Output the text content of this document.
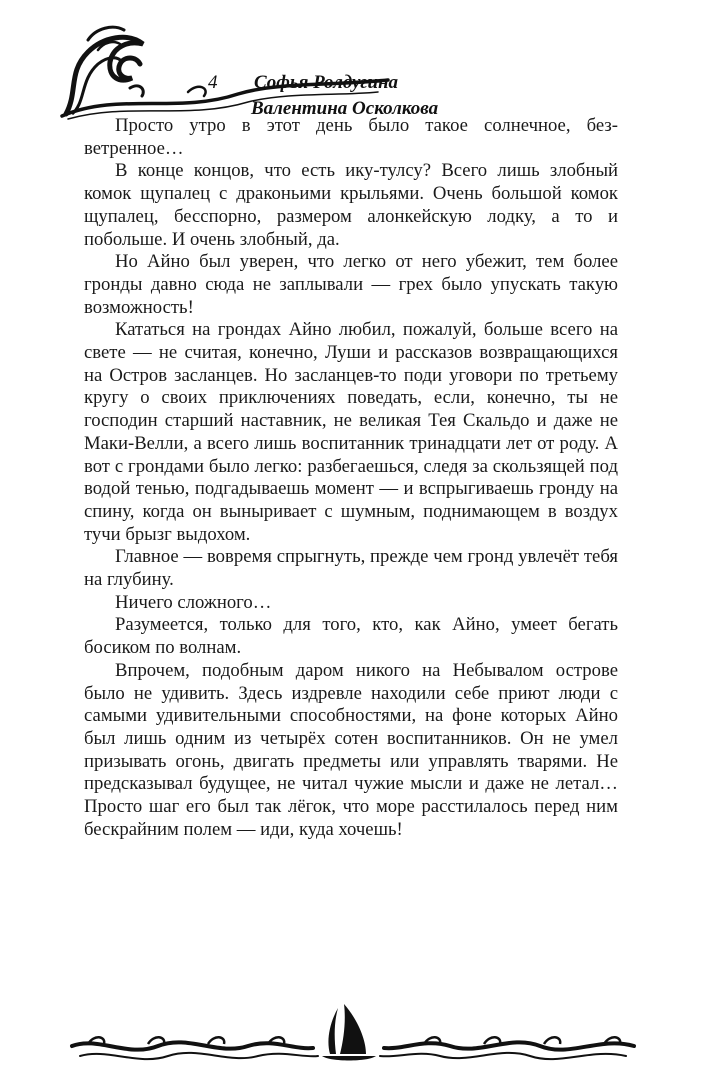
4 Софья Ролдугина
Валентина Осколкова

Просто утро в этот день было такое солнечное, безветренное…

В конце концов, что есть ику-тулсу? Всего лишь злобный комок щупалец с драконьими крыльями. Очень большой комок щупалец, бесспорно, размером алонкейскую лодку, а то и побольше. И очень злобный, да.

Но Айно был уверен, что легко от него убежит, тем более гронды давно сюда не заплывали — грех было упускать такую возможность!

Кататься на грондах Айно любил, пожалуй, больше всего на свете — не считая, конечно, Луши и рассказов возвращающихся на Остров засланцев. Но засланцев-то поди уговори по третьему кругу о своих приключениях поведать, если, конечно, ты не господин старший наставник, не великая Тея Скальдо и даже не Маки-Велли, а всего лишь воспитанник тринадцати лет от роду. А вот с грондами было легко: разбегаешься, следя за скользящей под водой тенью, подгадываешь момент — и вспрыгиваешь гронду на спину, когда он выныривает с шумным, поднимающем в воздух тучи брызг выдохом.

Главное — вовремя спрыгнуть, прежде чем гронд увлечёт тебя на глубину.

Ничего сложного…

Разумеется, только для того, кто, как Айно, умеет бегать босиком по волнам.

Впрочем, подобным даром никого на Небывалом острове было не удивить. Здесь издревле находили себе приют люди с самыми удивительными способностями, на фоне которых Айно был лишь одним из четырёх сотен воспитанников. Он не умел призывать огонь, двигать предметы или управлять тварями. Не предсказывал будущее, не читал чужие мысли и даже не летал… Просто шаг его был так лёгок, что море расстилалось перед ним бескрайним полем — иди, куда хочешь!
